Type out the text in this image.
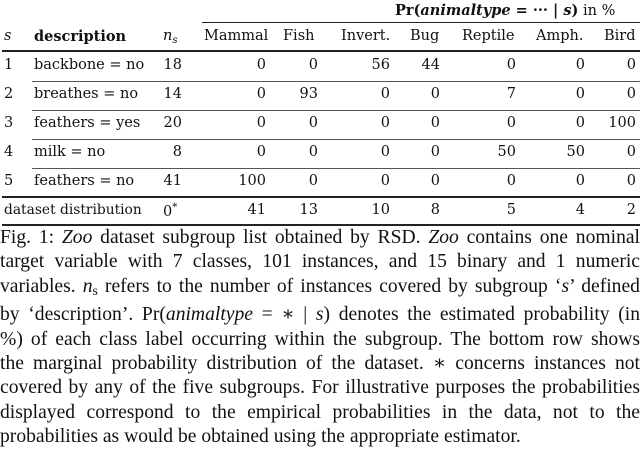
Pr(animaltype = ··· | s) in %
s description	$n_s$ Mammal Fish Invert. Bug Reptile Amph. Bird
1 backbone = no 18	0	0	56	44	0	0	0
2 breathes = no 14	0	93	0	0	7	0	0
3 feathers = yes 20	0	0	0	0	0	0 100
4 milk = no	8	0	0	0	0	50	50	0
5 feathers = no 41	100	0	0	0	0	0	0
dataset distribution 0*	41	13	10	8	5	4	2
Fig. 1: Zoo dataset subgroup list obtained by RSD. Zoo contains one nominal
target variable with 7 classes, 101 instances, and 15 binary and 1 numeric
variables. $n_s$ refers to the number of instances covered by subgroup ‘s’ defined
by ‘description’. Pr(animaltype = ∗ | s) denotes the estimated probability (in
%) of each class label occurring within the subgroup. The bottom row shows
the marginal probability distribution of the dataset. ∗ concerns instances not
covered by any of the five subgroups. For illustrative purposes the probabilities
displayed correspond to the empirical probabilities in the data, not to the
probabilities as would be obtained using the appropriate estimator.
